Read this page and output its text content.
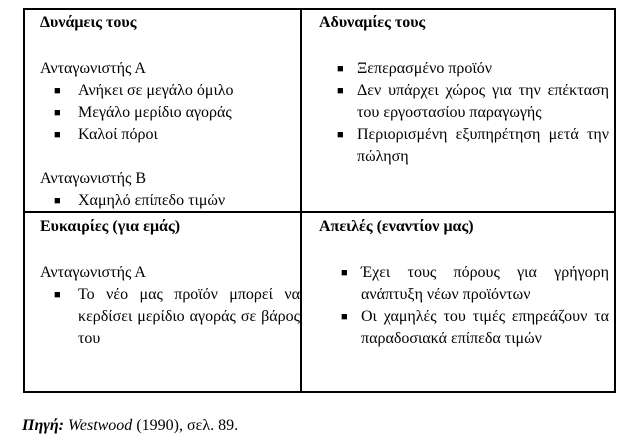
Δυνάμεις τους
Ανταγωνιστής Α
■ Ανήκει σε μεγάλο όμιλο
■ Μεγάλο μερίδιο αγοράς
■ Καλοί πόροι
Ανταγωνιστής Β
■ Χαμηλό επίπεδο τιμών
Αδυναμίες τους
■ Ξεπερασμένο προϊόν
■ Δεν υπάρχει χώρος για την επέκταση του εργοστασίου παραγωγής
■ Περιορισμένη εξυπηρέτηση μετά την πώληση
Ευκαιρίες (για εμάς)
Ανταγωνιστής Α
■ Το νέο μας προϊόν μπορεί να κερδίσει μερίδιο αγοράς σε βάρος του
Απειλές (εναντίον μας)
■ Έχει τους πόρους για γρήγορη ανάπτυξη νέων προϊόντων
■ Οι χαμηλές του τιμές επηρεάζουν τα παραδοσιακά επίπεδα τιμών
Πηγή: Westwood (1990), σελ. 89.
